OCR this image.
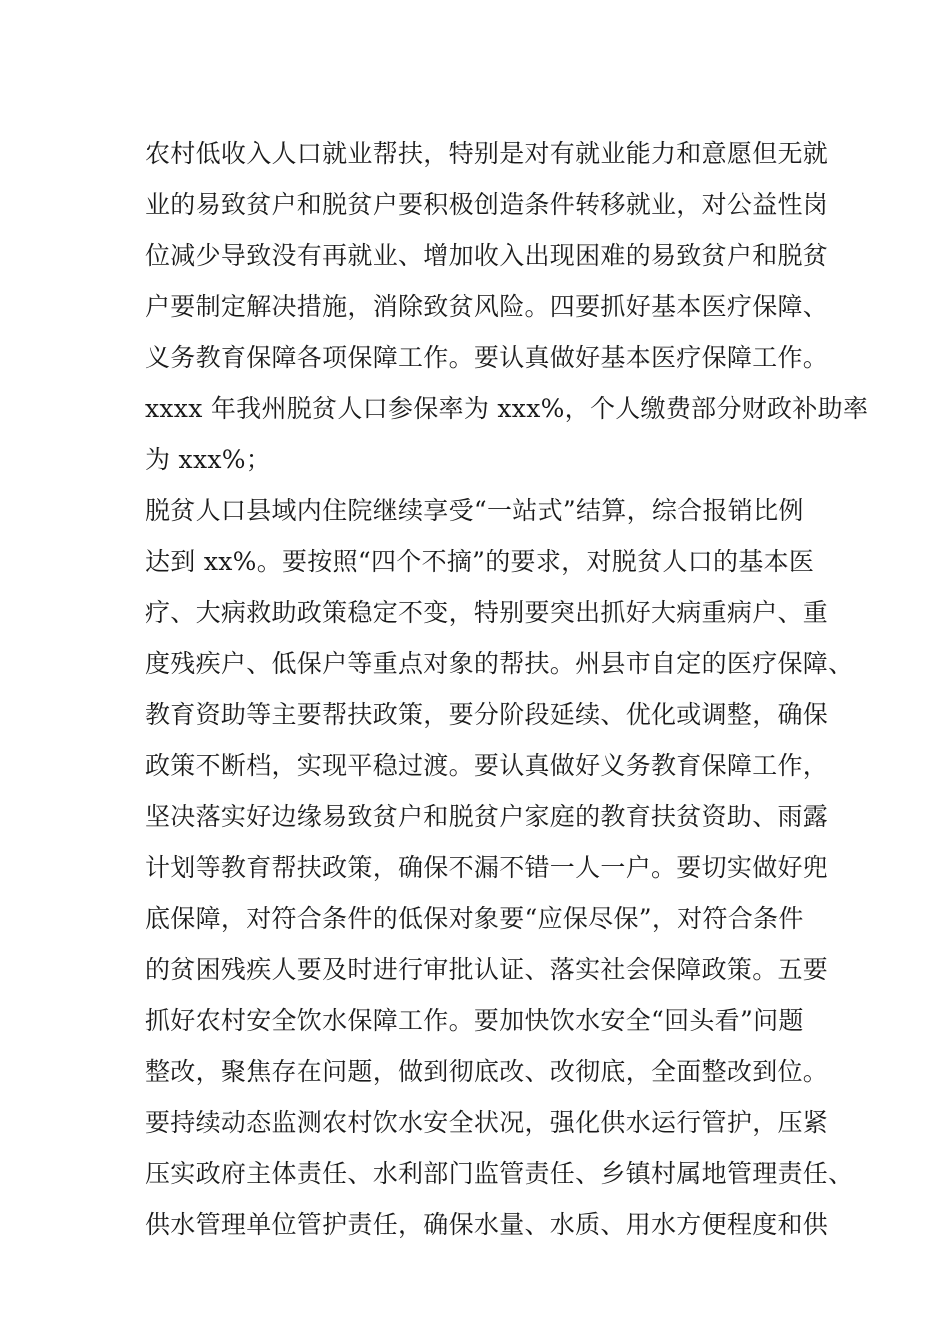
农村低收入人口就业帮扶，特别是对有就业能力和意愿但无就
业的易致贫户和脱贫户要积极创造条件转移就业，对公益性岗
位减少导致没有再就业、增加收入出现困难的易致贫户和脱贫
户要制定解决措施，消除致贫风险。四要抓好基本医疗保障、
义务教育保障各项保障工作。要认真做好基本医疗保障工作。
xxxx 年我州脱贫人口参保率为 xxx%，个人缴费部分财政补助率
为 xxx%；
脱贫人口县域内住院继续享受“一站式”结算，综合报销比例
达到 xx%。要按照“四个不摘”的要求，对脱贫人口的基本医
疗、大病救助政策稳定不变，特别要突出抓好大病重病户、重
度残疾户、低保户等重点对象的帮扶。州县市自定的医疗保障、
教育资助等主要帮扶政策，要分阶段延续、优化或调整，确保
政策不断档，实现平稳过渡。要认真做好义务教育保障工作，
坚决落实好边缘易致贫户和脱贫户家庭的教育扶贫资助、雨露
计划等教育帮扶政策，确保不漏不错一人一户。要切实做好兜
底保障，对符合条件的低保对象要“应保尽保”，对符合条件
的贫困残疾人要及时进行审批认证、落实社会保障政策。五要
抓好农村安全饮水保障工作。要加快饮水安全“回头看”问题
整改，聚焦存在问题，做到彻底改、改彻底，全面整改到位。
要持续动态监测农村饮水安全状况，强化供水运行管护，压紧
压实政府主体责任、水利部门监管责任、乡镇村属地管理责任、
供水管理单位管护责任，确保水量、水质、用水方便程度和供
